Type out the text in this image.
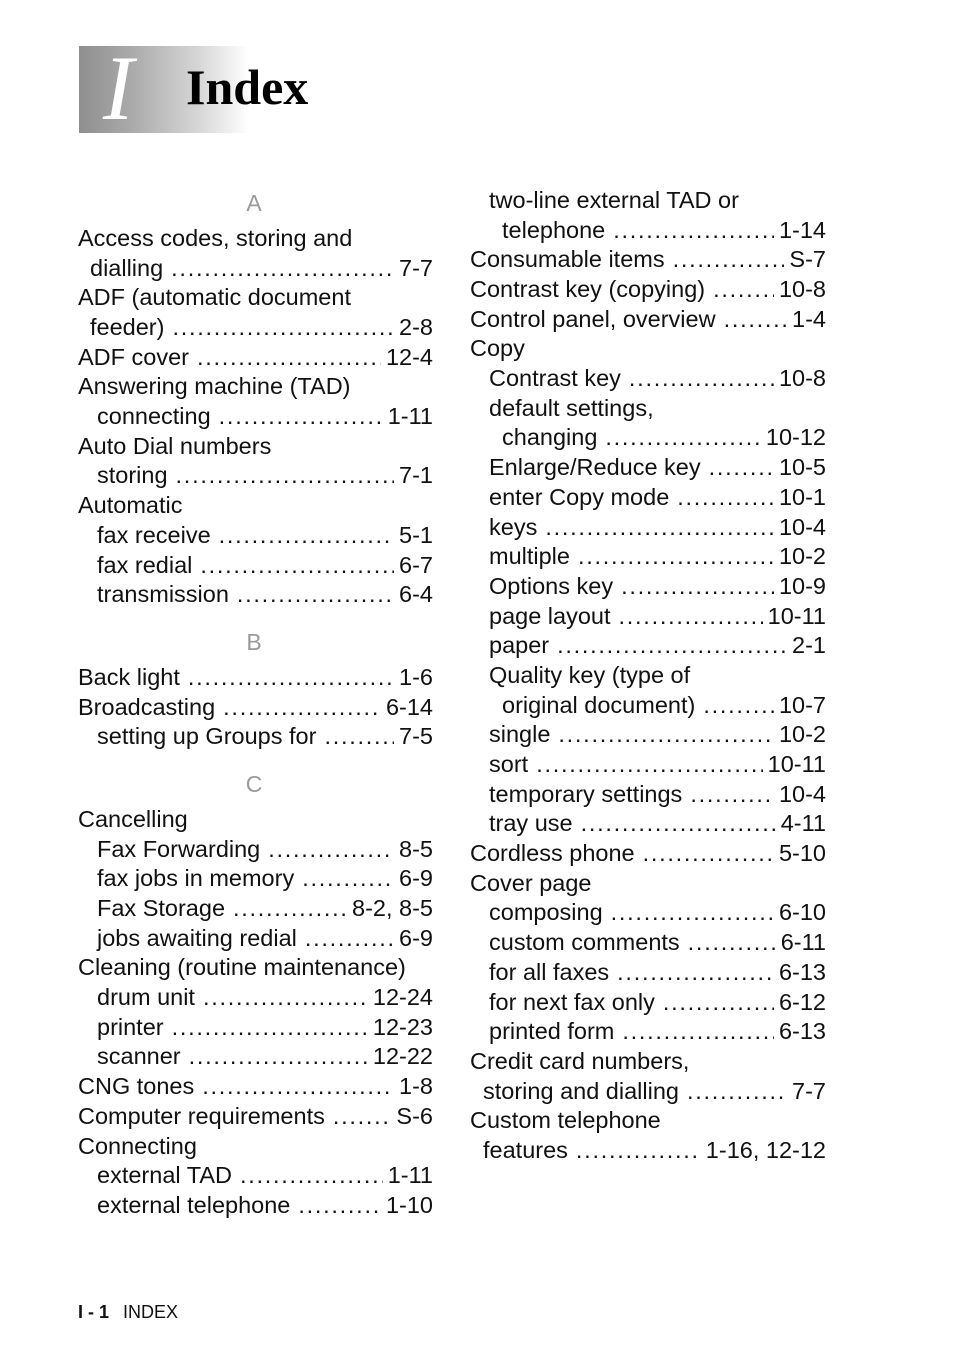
I Index
A
Access codes, storing and
dialling . . .	7-7
ADF (automatic document
feeder) . . .	2-8
ADF cover . . .	12-4
Answering machine (TAD)
connecting . . .	1-11
Auto Dial numbers
storing . . .	7-1
Automatic
fax receive . . .	5-1
fax redial . . .	6-7
transmission . . .	6-4
B
Back light . . .	1-6
Broadcasting . . .	6-14
setting up Groups for . . .	7-5
C
Cancelling
Fax Forwarding . . .	8-5
fax jobs in memory . . .	6-9
Fax Storage . . .	8-2, 8-5
jobs awaiting redial . . .	6-9
Cleaning (routine maintenance)
drum unit . . .	12-24
printer . . .	12-23
scanner . . .	12-22
CNG tones . . .	1-8
Computer requirements . . .	S-6
Connecting
external TAD . . .	1-11
external telephone . . .	1-10
two-line external TAD or
telephone . . .	1-14
Consumable items . . .	S-7
Contrast key (copying) . . .	10-8
Control panel, overview . . .	1-4
Copy
Contrast key . . .	10-8
default settings,
changing . . .	10-12
Enlarge/Reduce key . . .	10-5
enter Copy mode . . .	10-1
keys . . .	10-4
multiple . . .	10-2
Options key . . .	10-9
page layout . . .	10-11
paper . . .	2-1
Quality key (type of
original document) . . .	10-7
single . . .	10-2
sort . . .	10-11
temporary settings . . .	10-4
tray use . . .	4-11
Cordless phone . . .	5-10
Cover page
composing . . .	6-10
custom comments . . .	6-11
for all faxes . . .	6-13
for next fax only . . .	6-12
printed form . . .	6-13
Credit card numbers,
storing and dialling . . .	7-7
Custom telephone
features . . .	1-16, 12-12
I - 1 INDEX
